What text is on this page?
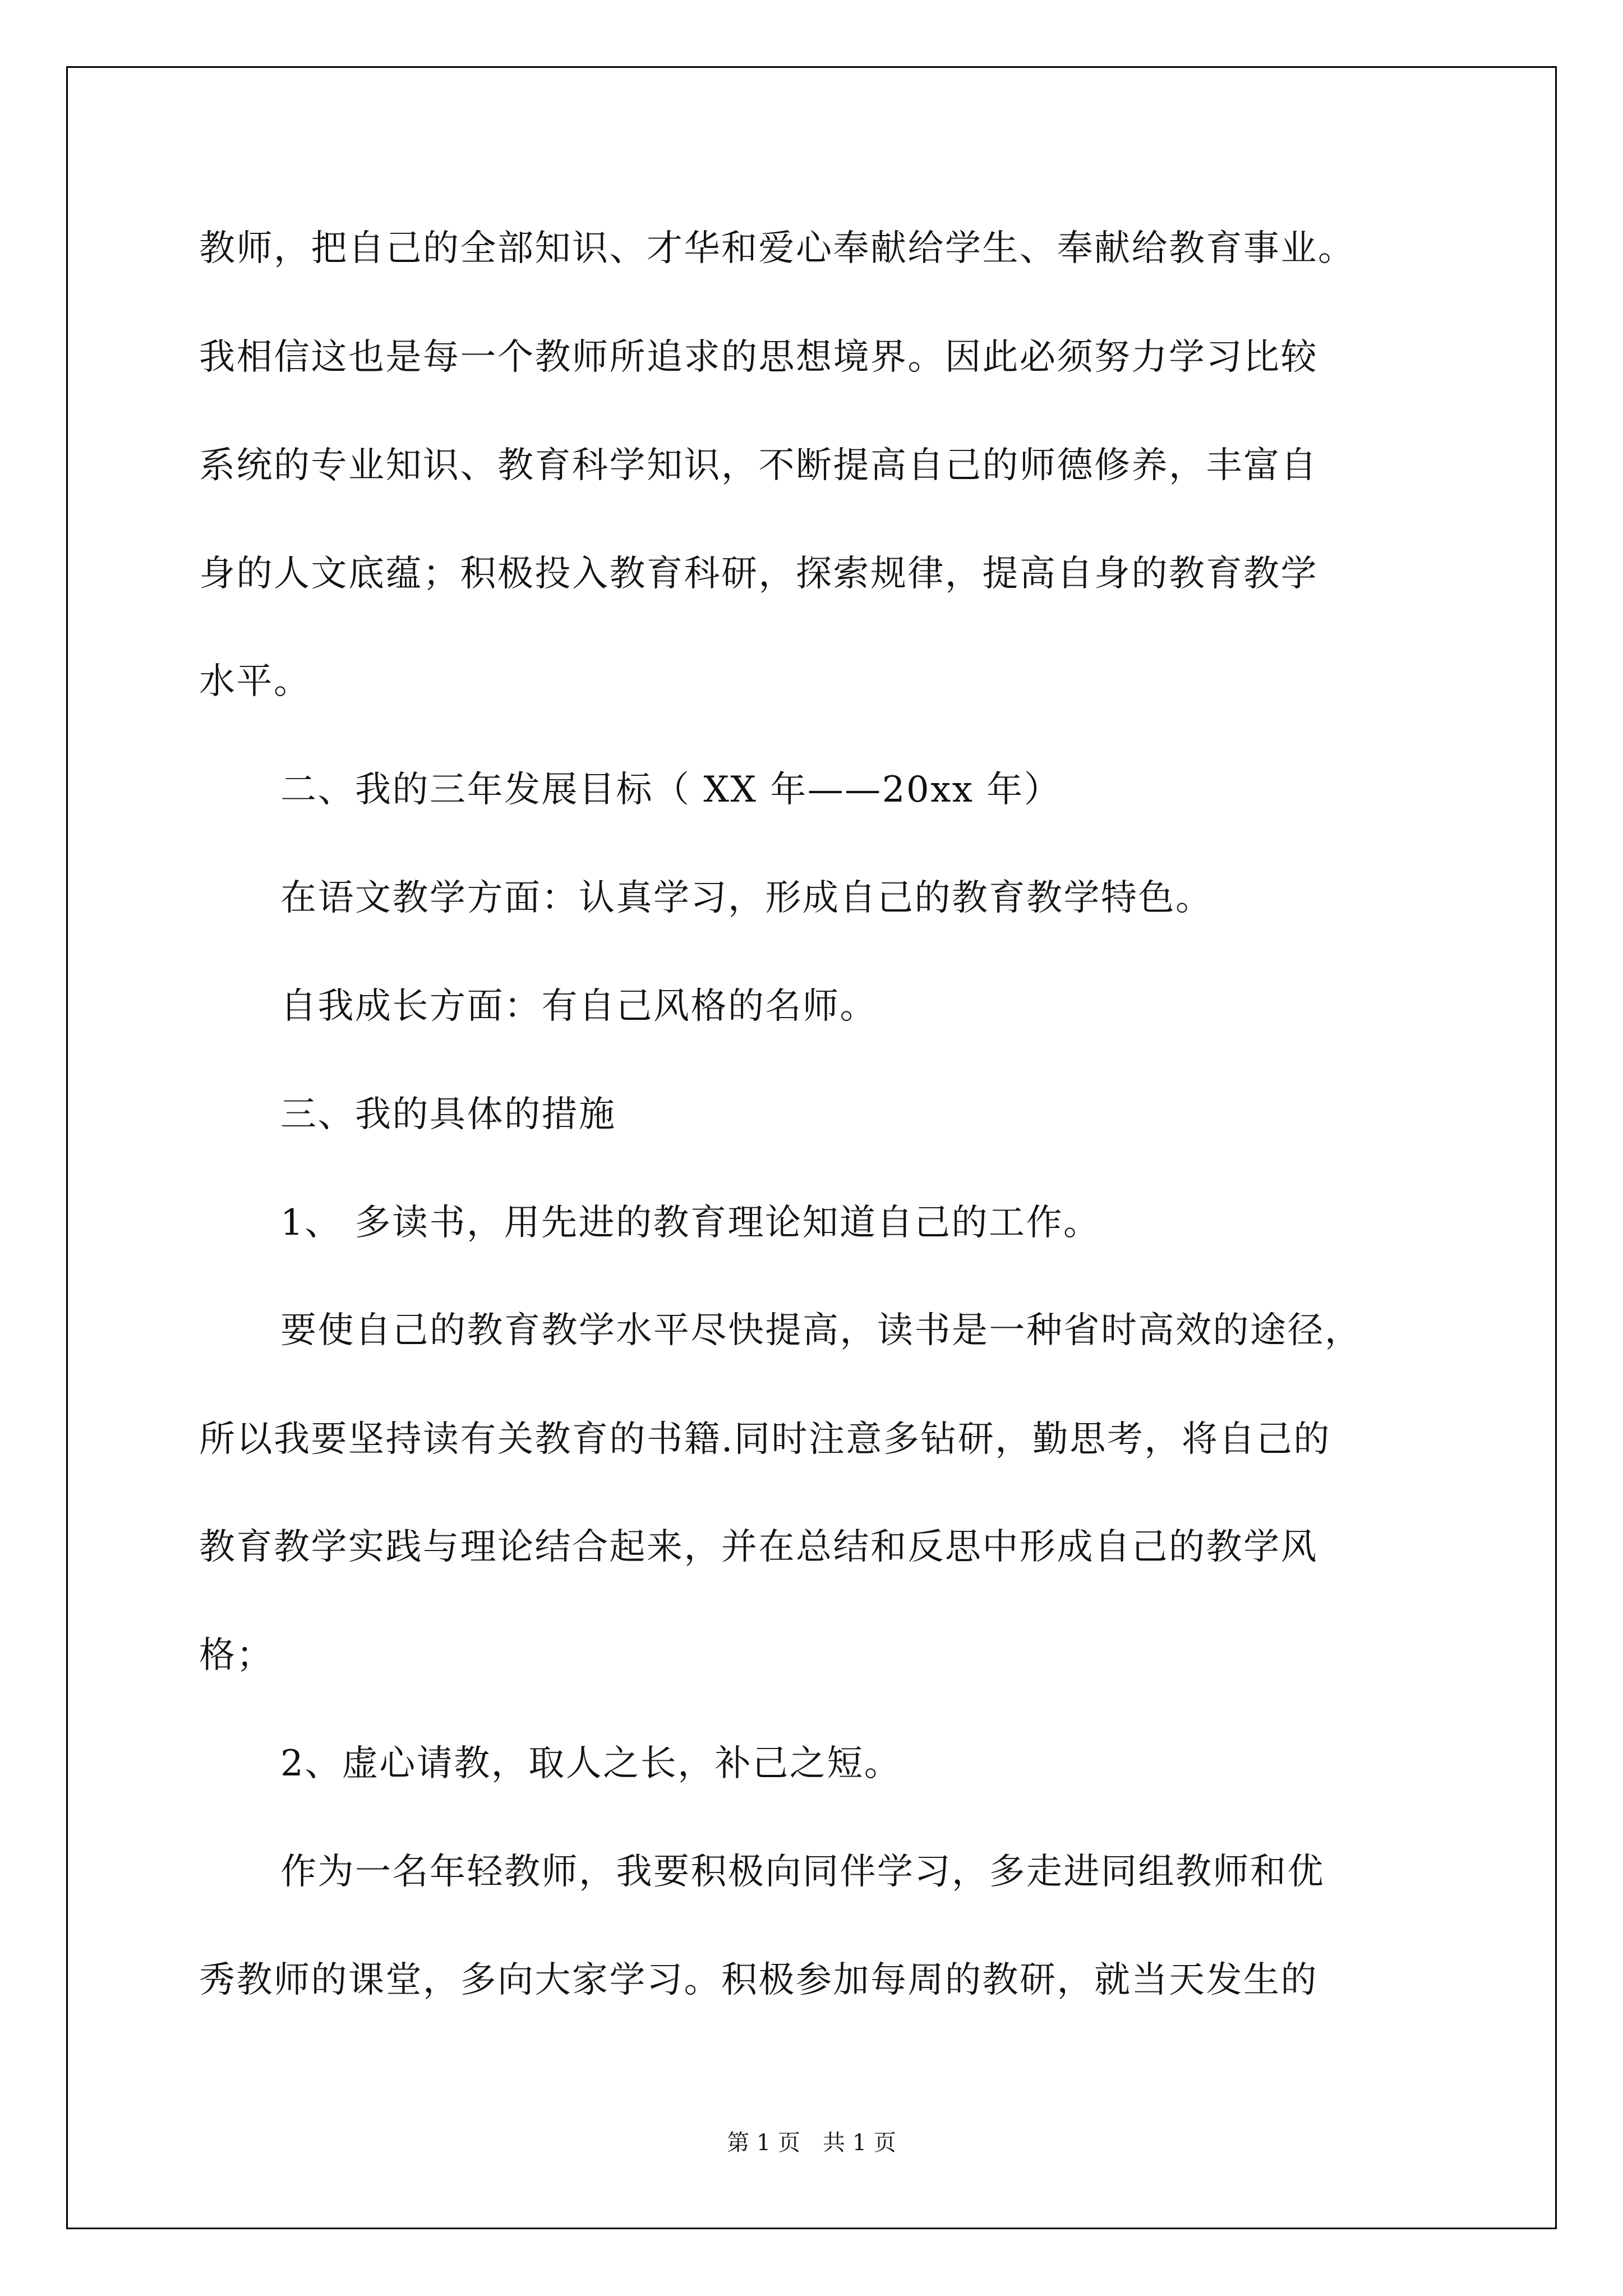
教师，把自己的全部知识、才华和爱心奉献给学生、奉献给教育事业。
我相信这也是每一个教师所追求的思想境界。因此必须努力学习比较
系统的专业知识、教育科学知识，不断提高自己的师德修养，丰富自
身的人文底蕴；积极投入教育科研，探索规律，提高自身的教育教学
水平。
二、我的三年发展目标（ XX 年——20xx 年）
在语文教学方面：认真学习，形成自己的教育教学特色。
自我成长方面：有自己风格的名师。
三、我的具体的措施
1、 多读书，用先进的教育理论知道自己的工作。
要使自己的教育教学水平尽快提高，读书是一种省时高效的途径，
所以我要坚持读有关教育的书籍.同时注意多钻研，勤思考，将自己的
教育教学实践与理论结合起来，并在总结和反思中形成自己的教学风
格；
2、虚心请教，取人之长，补己之短。
作为一名年轻教师，我要积极向同伴学习，多走进同组教师和优
秀教师的课堂，多向大家学习。积极参加每周的教研，就当天发生的
第 1 页　共 1 页
